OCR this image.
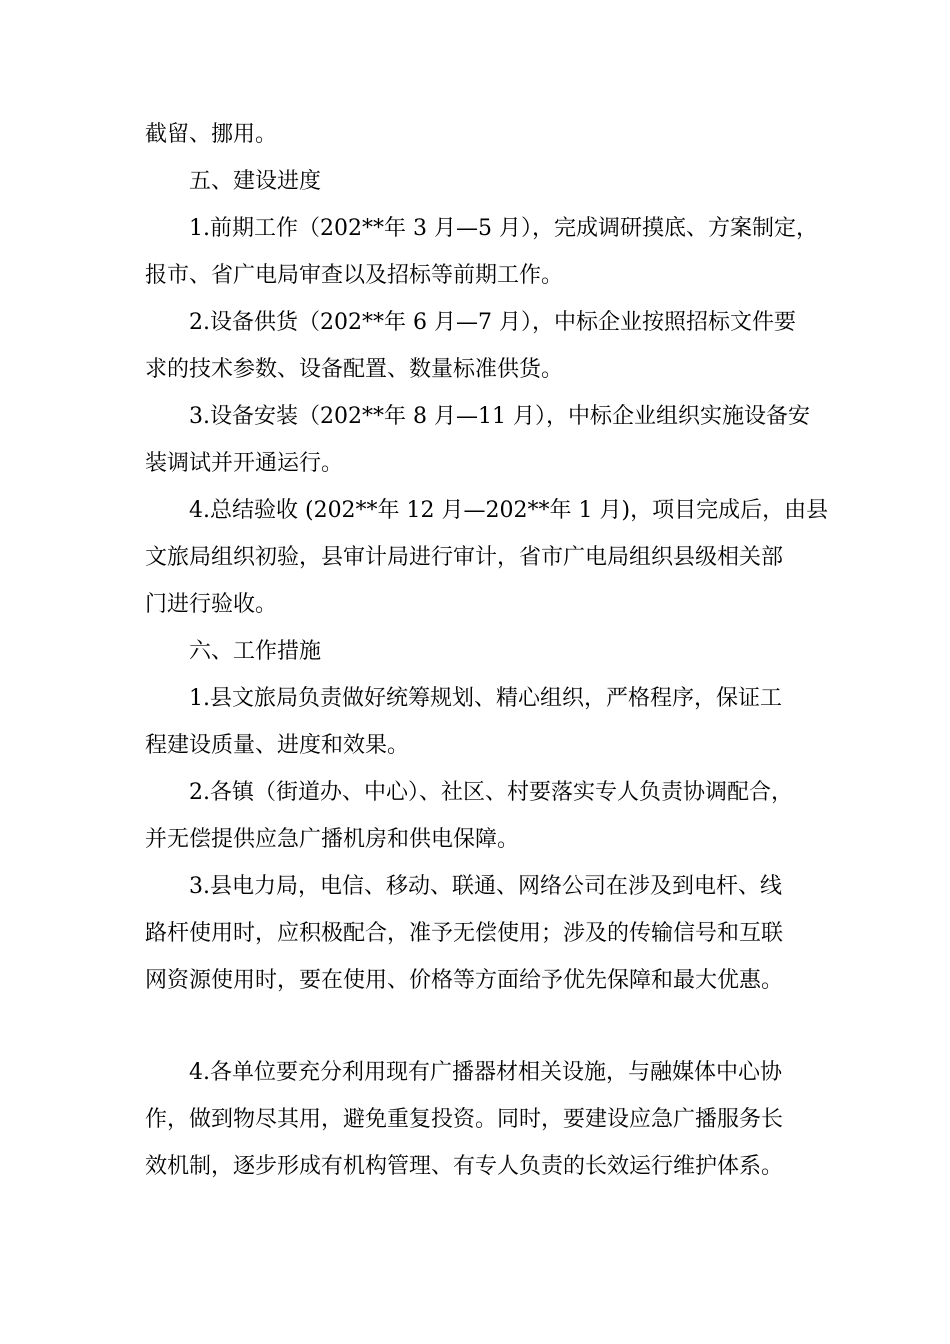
截留、挪用。
五、建设进度
1.前期工作（202**年 3 月—5 月），完成调研摸底、方案制定，
报市、省广电局审查以及招标等前期工作。
2.设备供货（202**年 6 月—7 月），中标企业按照招标文件要
求的技术参数、设备配置、数量标准供货。
3.设备安装（202**年 8 月—11 月），中标企业组织实施设备安
装调试并开通运行。
4.总结验收 (202**年 12 月—202**年 1 月)，项目完成后，由县
文旅局组织初验，县审计局进行审计，省市广电局组织县级相关部
门进行验收。
六、工作措施
1.县文旅局负责做好统筹规划、精心组织，严格程序，保证工
程建设质量、进度和效果。
2.各镇（街道办、中心）、社区、村要落实专人负责协调配合，
并无偿提供应急广播机房和供电保障。
3.县电力局，电信、移动、联通、网络公司在涉及到电杆、线
路杆使用时，应积极配合，准予无偿使用；涉及的传输信号和互联
网资源使用时，要在使用、价格等方面给予优先保障和最大优惠。
4.各单位要充分利用现有广播器材相关设施，与融媒体中心协
作，做到物尽其用，避免重复投资。同时，要建设应急广播服务长
效机制，逐步形成有机构管理、有专人负责的长效运行维护体系。
